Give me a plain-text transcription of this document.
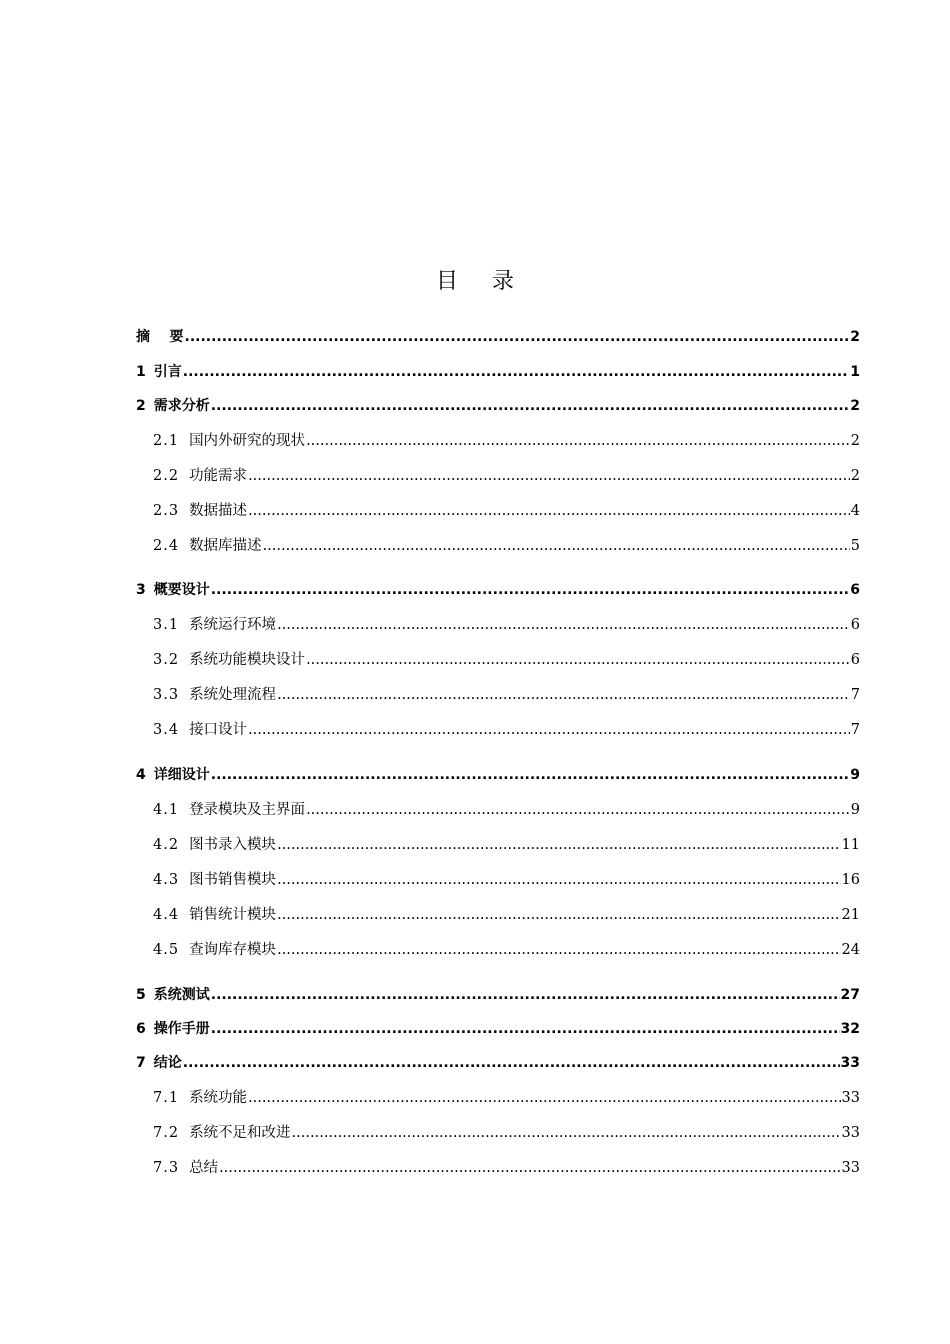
目录
摘    要 .....	2
1 引言 .....	1
2 需求分析 .....	2
2.1 国内外研究的现状 .....	2
2.2 功能需求 .....	2
2.3 数据描述 .....	4
2.4 数据库描述 .....	5
3 概要设计 .....	6
3.1 系统运行环境 .....	6
3.2 系统功能模块设计 .....	6
3.3 系统处理流程 .....	7
3.4 接口设计 .....	7
4 详细设计 .....	9
4.1 登录模块及主界面 .....	9
4.2 图书录入模块 .....	11
4.3 图书销售模块 .....	16
4.4 销售统计模块 .....	21
4.5 查询库存模块 .....	24
5 系统测试 .....	27
6 操作手册 .....	32
7 结论 .....	33
7.1 系统功能 .....	33
7.2 系统不足和改进 .....	33
7.3 总结 .....	33
